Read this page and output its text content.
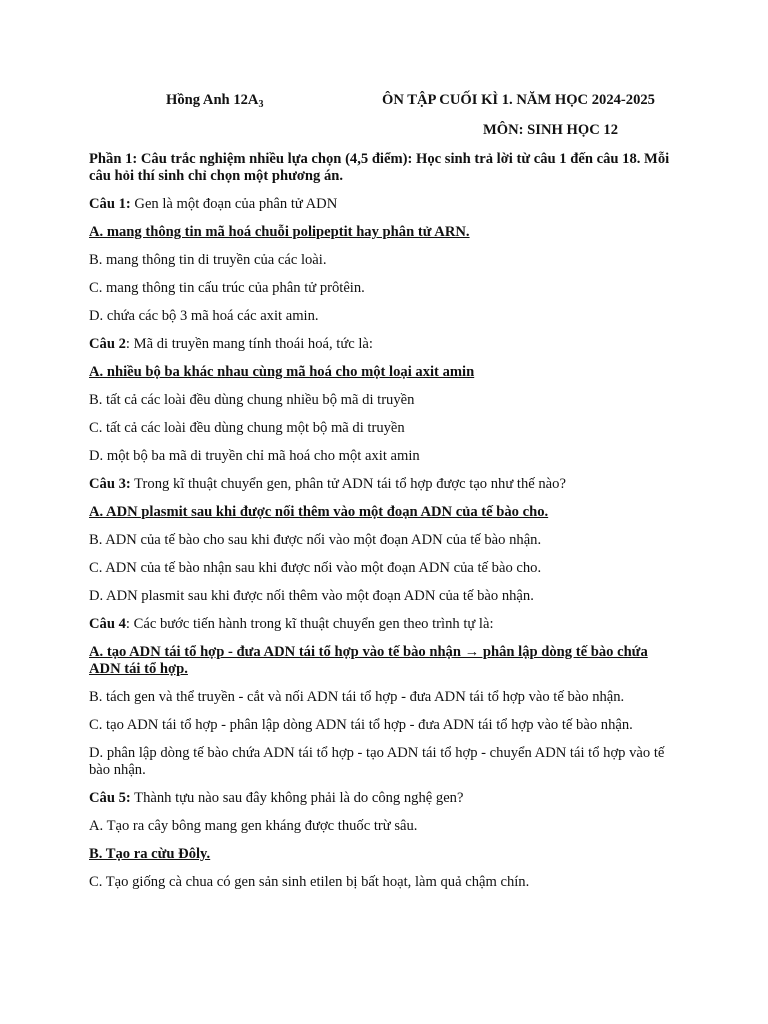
Hồng Anh $12A_3$	ÔN TẬP CUỐI KÌ 1. NĂM HỌC 2024-2025
MÔN: SINH HỌC 12

Phần 1: Câu trắc nghiệm nhiều lựa chọn (4,5 điểm): Học sinh trả lời từ câu 1 đến câu 18. Mỗi câu hỏi thí sinh chỉ chọn một phương án.

Câu 1: Gen là một đoạn của phân tử ADN

A. mang thông tin mã hoá chuỗi polipeptit hay phân tử ARN.

B. mang thông tin di truyền của các loài.

C. mang thông tin cấu trúc của phân tử prôtêin.

D. chứa các bộ 3 mã hoá các axit amin.

Câu 2: Mã di truyền mang tính thoái hoá, tức là:

A. nhiều bộ ba khác nhau cùng mã hoá cho một loại axit amin

B. tất cả các loài đều dùng chung nhiều bộ mã di truyền

C. tất cả các loài đều dùng chung một bộ mã di truyền

D. một bộ ba mã di truyền chỉ mã hoá cho một axit amin

Câu 3: Trong kĩ thuật chuyển gen, phân tử ADN tái tổ hợp được tạo như thế nào?

A. ADN plasmit sau khi được nối thêm vào một đoạn ADN của tế bào cho.

B. ADN của tế bào cho sau khi được nối vào một đoạn ADN của tế bào nhận.

C. ADN của tế bào nhận sau khi được nối vào một đoạn ADN của tế bào cho.

D. ADN plasmit sau khi được nối thêm vào một đoạn ADN của tế bào nhận.

Câu 4: Các bước tiến hành trong kĩ thuật chuyển gen theo trình tự là:

A. tạo ADN tái tổ hợp - đưa ADN tái tổ hợp vào tế bào nhận → phân lập dòng tế bào chứa ADN tái tổ hợp.

B. tách gen và thể truyền - cắt và nối ADN tái tổ hợp - đưa ADN tái tổ hợp vào tế bào nhận.

C. tạo ADN tái tổ hợp - phân lập dòng ADN tái tổ hợp - đưa ADN tái tổ hợp vào tế bào nhận.

D. phân lập dòng tế bào chứa ADN tái tổ hợp - tạo ADN tái tổ hợp - chuyển ADN tái tổ hợp vào tế bào nhận.

Câu 5: Thành tựu nào sau đây không phải là do công nghệ gen?

A. Tạo ra cây bông mang gen kháng được thuốc trừ sâu.

B. Tạo ra cừu Đôly.

C. Tạo giống cà chua có gen sản sinh etilen bị bất hoạt, làm quả chậm chín.
